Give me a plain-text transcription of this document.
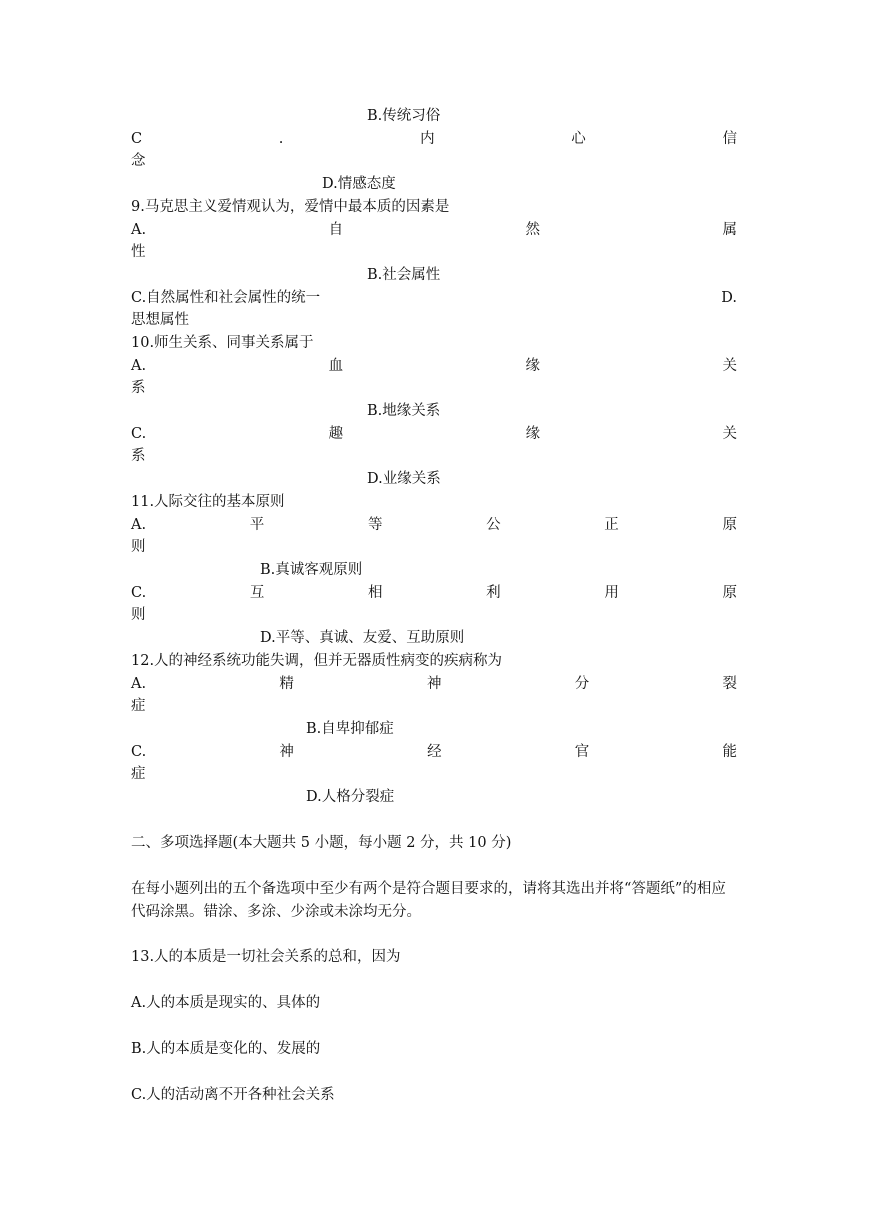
B.传统习俗
C	.	内	心	信
念
D.情感态度
9.马克思主义爱情观认为，爱情中最本质的因素是
A.	自	然	属
性
B.社会属性
C.自然属性和社会属性的统一	D.
思想属性
10.师生关系、同事关系属于
A.	血	缘	关
系
B.地缘关系
C.	趣	缘	关
系
D.业缘关系
11.人际交往的基本原则
A.	平	等	公	正	原
则
B.真诚客观原则
C.	互	相	利	用	原
则
D.平等、真诚、友爱、互助原则
12.人的神经系统功能失调，但并无器质性病变的疾病称为
A.	精	神	分	裂
症
B.自卑抑郁症
C.	神	经	官	能
症
D.人格分裂症
二、多项选择题(本大题共 5 小题，每小题 2 分，共 10 分)
在每小题列出的五个备选项中至少有两个是符合题目要求的，请将其选出并将“答题纸”的相应代码涂黑。错涂、多涂、少涂或未涂均无分。
13.人的本质是一切社会关系的总和，因为
A.人的本质是现实的、具体的
B.人的本质是变化的、发展的
C.人的活动离不开各种社会关系
